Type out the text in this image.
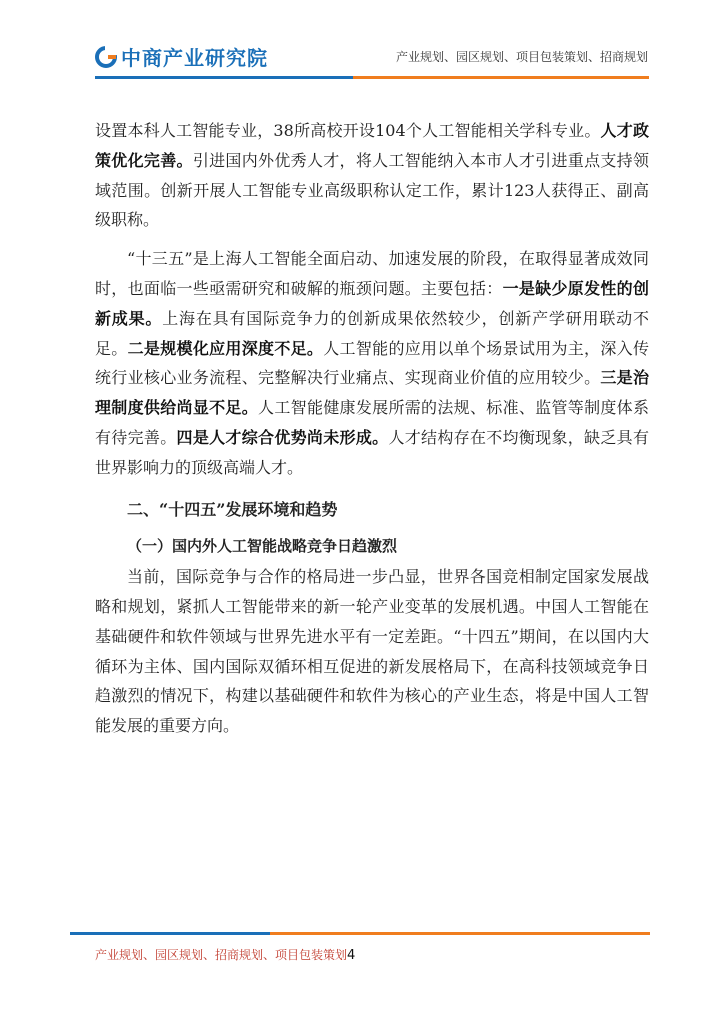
中商产业研究院	产业规划、园区规划、项目包装策划、招商规划

设置本科人工智能专业，38所高校开设104个人工智能相关学科专业。人才政策优化完善。引进国内外优秀人才，将人工智能纳入本市人才引进重点支持领域范围。创新开展人工智能专业高级职称认定工作，累计123人获得正、副高级职称。

“十三五”是上海人工智能全面启动、加速发展的阶段，在取得显著成效同时，也面临一些亟需研究和破解的瓶颈问题。主要包括：一是缺少原发性的创新成果。上海在具有国际竞争力的创新成果依然较少，创新产学研用联动不足。二是规模化应用深度不足。人工智能的应用以单个场景试用为主，深入传统行业核心业务流程、完整解决行业痛点、实现商业价值的应用较少。三是治理制度供给尚显不足。人工智能健康发展所需的法规、标准、监管等制度体系有待完善。四是人才综合优势尚未形成。人才结构存在不均衡现象，缺乏具有世界影响力的顶级高端人才。

二、“十四五”发展环境和趋势
（一）国内外人工智能战略竞争日趋激烈

当前，国际竞争与合作的格局进一步凸显，世界各国竞相制定国家发展战略和规划，紧抓人工智能带来的新一轮产业变革的发展机遇。中国人工智能在基础硬件和软件领域与世界先进水平有一定差距。“十四五”期间，在以国内大循环为主体、国内国际双循环相互促进的新发展格局下，在高科技领域竞争日趋激烈的情况下，构建以基础硬件和软件为核心的产业生态，将是中国人工智能发展的重要方向。

产业规划、园区规划、招商规划、项目包装策划4
